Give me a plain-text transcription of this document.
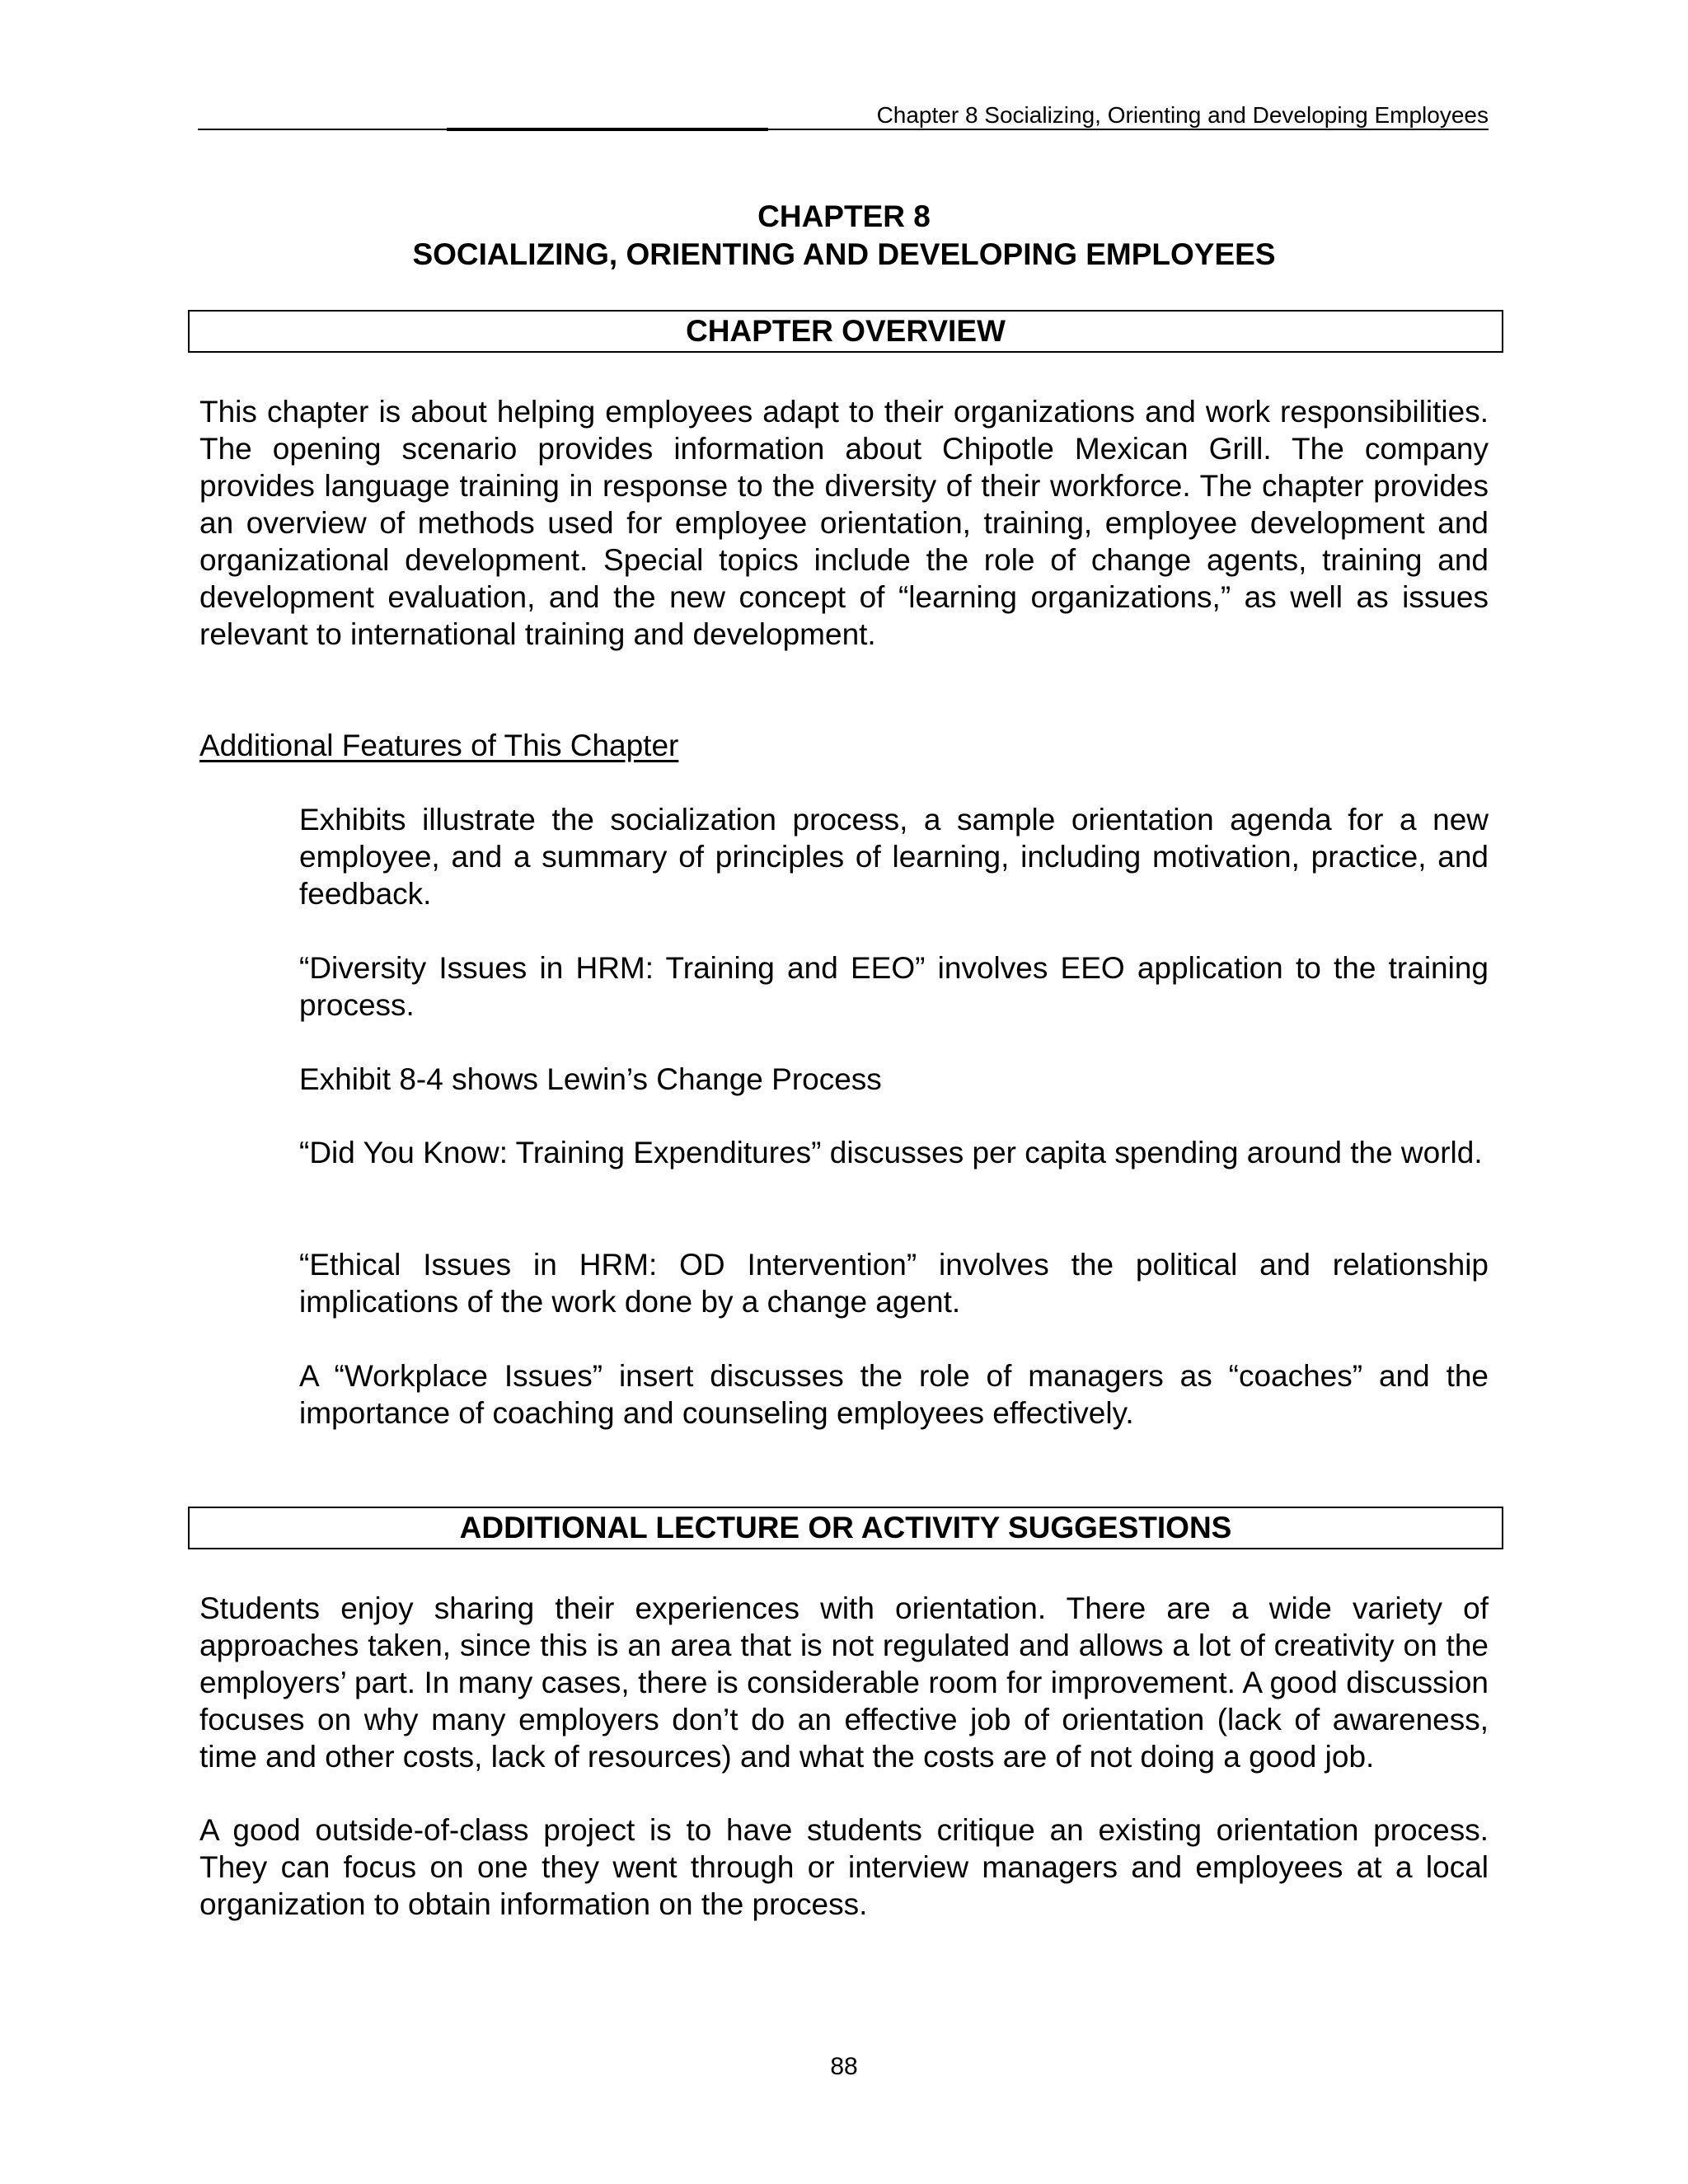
Chapter 8 Socializing, Orienting and Developing Employees
CHAPTER 8
SOCIALIZING, ORIENTING AND DEVELOPING EMPLOYEES
CHAPTER OVERVIEW
This chapter is about helping employees adapt to their organizations and work responsibilities. The opening scenario provides information about Chipotle Mexican Grill. The company provides language training in response to the diversity of their workforce. The chapter provides an overview of methods used for employee orientation, training, employee development and organizational development. Special topics include the role of change agents, training and development evaluation, and the new concept of “learning organizations,” as well as issues relevant to international training and development.
Additional Features of This Chapter
Exhibits illustrate the socialization process, a sample orientation agenda for a new employee, and a summary of principles of learning, including motivation, practice, and feedback.
“Diversity Issues in HRM: Training and EEO” involves EEO application to the training process.
Exhibit 8-4 shows Lewin’s Change Process
“Did You Know: Training Expenditures” discusses per capita spending around the world.
“Ethical Issues in HRM: OD Intervention” involves the political and relationship implications of the work done by a change agent.
A “Workplace Issues” insert discusses the role of managers as “coaches” and the importance of coaching and counseling employees effectively.
ADDITIONAL LECTURE OR ACTIVITY SUGGESTIONS
Students enjoy sharing their experiences with orientation. There are a wide variety of approaches taken, since this is an area that is not regulated and allows a lot of creativity on the employers’ part. In many cases, there is considerable room for improvement. A good discussion focuses on why many employers don’t do an effective job of orientation (lack of awareness, time and other costs, lack of resources) and what the costs are of not doing a good job.
A good outside-of-class project is to have students critique an existing orientation process. They can focus on one they went through or interview managers and employees at a local organization to obtain information on the process.
88
